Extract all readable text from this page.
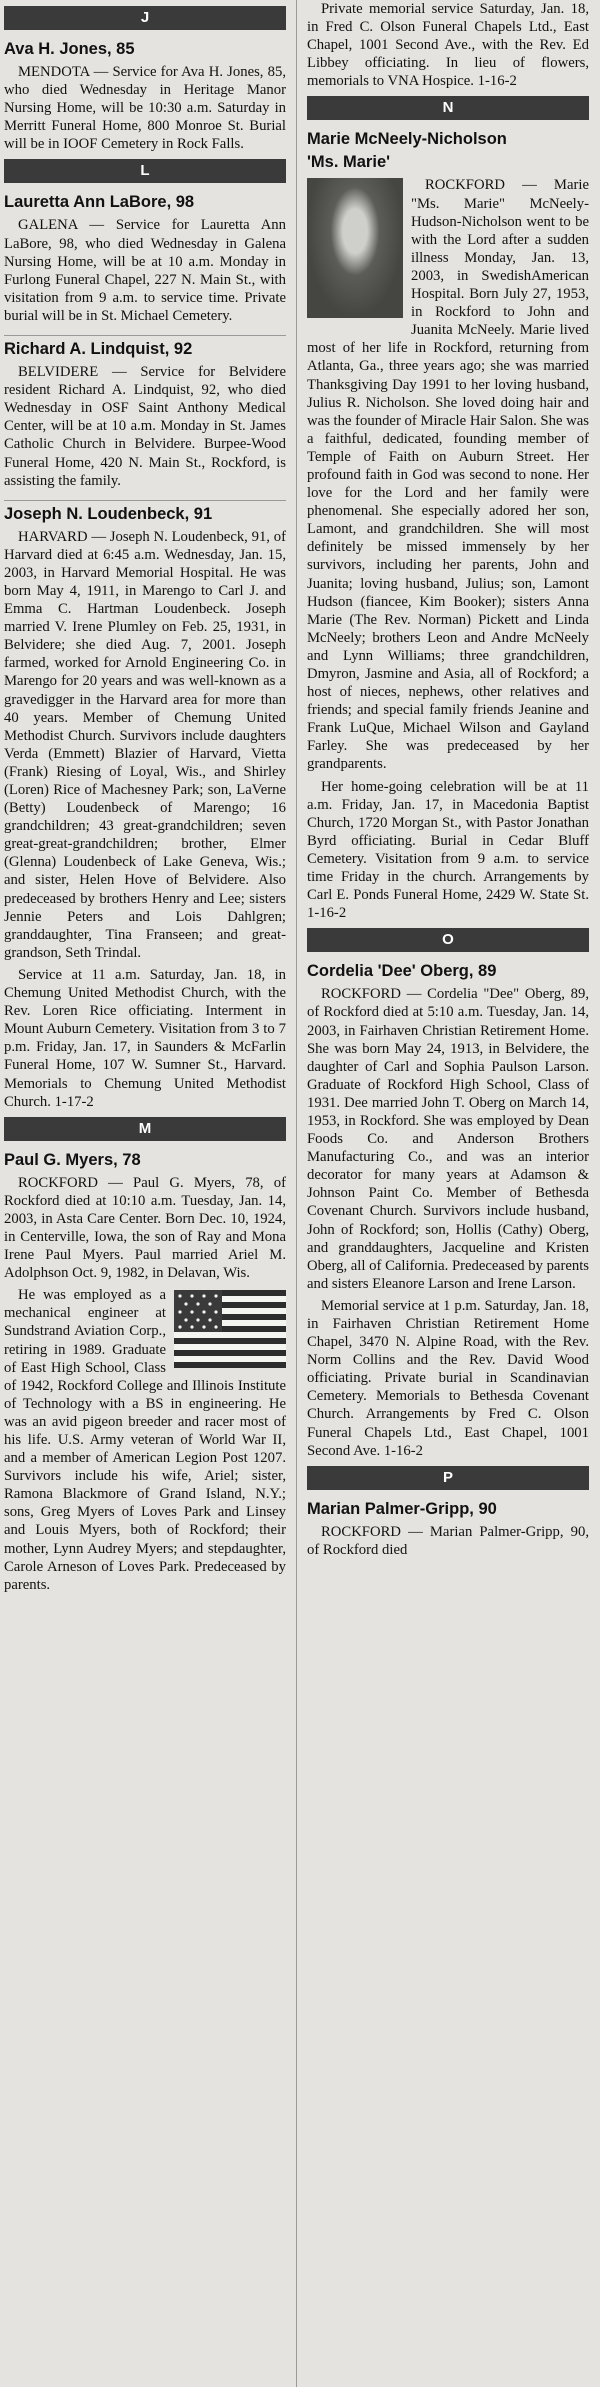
J
Ava H. Jones, 85

MENDOTA — Service for Ava H. Jones, 85, who died Wednesday in Heritage Manor Nursing Home, will be 10:30 a.m. Saturday in Merritt Funeral Home, 800 Monroe St. Burial will be in IOOF Cemetery in Rock Falls.

L
Lauretta Ann LaBore, 98

GALENA — Service for Lauretta Ann LaBore, 98, who died Wednesday in Galena Nursing Home, will be at 10 a.m. Monday in Furlong Funeral Chapel, 227 N. Main St., with visitation from 9 a.m. to service time. Private burial will be in St. Michael Cemetery.

Richard A. Lindquist, 92

BELVIDERE — Service for Belvidere resident Richard A. Lindquist, 92, who died Wednesday in OSF Saint Anthony Medical Center, will be at 10 a.m. Monday in St. James Catholic Church in Belvidere. Burpee-Wood Funeral Home, 420 N. Main St., Rockford, is assisting the family.

Joseph N. Loudenbeck, 91

HARVARD — Joseph N. Loudenbeck, 91, of Harvard died at 6:45 a.m. Wednesday, Jan. 15, 2003, in Harvard Memorial Hospital. He was born May 4, 1911, in Marengo to Carl J. and Emma C. Hartman Loudenbeck. Joseph married V. Irene Plumley on Feb. 25, 1931, in Belvidere; she died Aug. 7, 2001. Joseph farmed, worked for Arnold Engineering Co. in Marengo for 20 years and was well-known as a gravedigger in the Harvard area for more than 40 years. Member of Chemung United Methodist Church. Survivors include daughters Verda (Emmett) Blazier of Harvard, Vietta (Frank) Riesing of Loyal, Wis., and Shirley (Loren) Rice of Machesney Park; son, LaVerne (Betty) Loudenbeck of Marengo; 16 grandchildren; 43 great-grandchildren; seven great-great-grandchildren; brother, Elmer (Glenna) Loudenbeck of Lake Geneva, Wis.; and sister, Helen Hove of Belvidere. Also predeceased by brothers Henry and Lee; sisters Jennie Peters and Lois Dahlgren; granddaughter, Tina Franseen; and great-grandson, Seth Trindal.

Service at 11 a.m. Saturday, Jan. 18, in Chemung United Methodist Church, with the Rev. Loren Rice officiating. Interment in Mount Auburn Cemetery. Visitation from 3 to 7 p.m. Friday, Jan. 17, in Saunders & McFarlin Funeral Home, 107 W. Sumner St., Harvard. Memorials to Chemung United Methodist Church. 1-17-2

M
Paul G. Myers, 78

ROCKFORD — Paul G. Myers, 78, of Rockford died at 10:10 a.m. Tuesday, Jan. 14, 2003, in Asta Care Center. Born Dec. 10, 1924, in Centerville, Iowa, the son of Ray and Mona Irene Paul Myers. Paul married Ariel M. Adolphson Oct. 9, 1982, in Delavan, Wis.

He was employed as a mechanical engineer at Sundstrand Aviation Corp., retiring in 1989. Graduate of East High School, Class of 1942, Rockford College and Illinois Institute of Technology with a BS in engineering. He was an avid pigeon breeder and racer most of his life. U.S. Army veteran of World War II, and a member of American Legion Post 1207. Survivors include his wife, Ariel; sister, Ramona Blackmore of Grand Island, N.Y.; sons, Greg Myers of Loves Park and Linsey and Louis Myers, both of Rockford; their mother, Lynn Audrey Myers; and stepdaughter, Carole Arneson of Loves Park. Predeceased by parents.

Private memorial service Saturday, Jan. 18, in Fred C. Olson Funeral Chapels Ltd., East Chapel, 1001 Second Ave., with the Rev. Ed Libbey officiating. In lieu of flowers, memorials to VNA Hospice. 1-16-2

N
Marie McNeely-Nicholson
'Ms. Marie'

ROCKFORD — Marie "Ms. Marie" McNeely-Hudson-Nicholson went to be with the Lord after a sudden illness Monday, Jan. 13, 2003, in SwedishAmerican Hospital. Born July 27, 1953, in Rockford to John and Juanita McNeely. Marie lived most of her life in Rockford, returning from Atlanta, Ga., three years ago; she was married Thanksgiving Day 1991 to her loving husband, Julius R. Nicholson. She loved doing hair and was the founder of Miracle Hair Salon. She was a faithful, dedicated, founding member of Temple of Faith on Auburn Street. Her profound faith in God was second to none. Her love for the Lord and her family were phenomenal. She especially adored her son, Lamont, and grandchildren. She will most definitely be missed immensely by her survivors, including her parents, John and Juanita; loving husband, Julius; son, Lamont Hudson (fiancee, Kim Booker); sisters Anna Marie (The Rev. Norman) Pickett and Linda McNeely; brothers Leon and Andre McNeely and Lynn Williams; three grandchildren, Dmyron, Jasmine and Asia, all of Rockford; a host of nieces, nephews, other relatives and friends; and special family friends Jeanine and Frank LuQue, Michael Wilson and Gayland Farley. She was predeceased by her grandparents.

Her home-going celebration will be at 11 a.m. Friday, Jan. 17, in Macedonia Baptist Church, 1720 Morgan St., with Pastor Jonathan Byrd officiating. Burial in Cedar Bluff Cemetery. Visitation from 9 a.m. to service time Friday in the church. Arrangements by Carl E. Ponds Funeral Home, 2429 W. State St. 1-16-2

O
Cordelia 'Dee' Oberg, 89

ROCKFORD — Cordelia "Dee" Oberg, 89, of Rockford died at 5:10 a.m. Tuesday, Jan. 14, 2003, in Fairhaven Christian Retirement Home. She was born May 24, 1913, in Belvidere, the daughter of Carl and Sophia Paulson Larson. Graduate of Rockford High School, Class of 1931. Dee married John T. Oberg on March 14, 1953, in Rockford. She was employed by Dean Foods Co. and Anderson Brothers Manufacturing Co., and was an interior decorator for many years at Adamson & Johnson Paint Co. Member of Bethesda Covenant Church. Survivors include husband, John of Rockford; son, Hollis (Cathy) Oberg, and granddaughters, Jacqueline and Kristen Oberg, all of California. Predeceased by parents and sisters Eleanore Larson and Irene Larson.

Memorial service at 1 p.m. Saturday, Jan. 18, in Fairhaven Christian Retirement Home Chapel, 3470 N. Alpine Road, with the Rev. Norm Collins and the Rev. David Wood officiating. Private burial in Scandinavian Cemetery. Memorials to Bethesda Covenant Church. Arrangements by Fred C. Olson Funeral Chapels Ltd., East Chapel, 1001 Second Ave. 1-16-2

P
Marian Palmer-Gripp, 90

ROCKFORD — Marian Palmer-Gripp, 90, of Rockford died
